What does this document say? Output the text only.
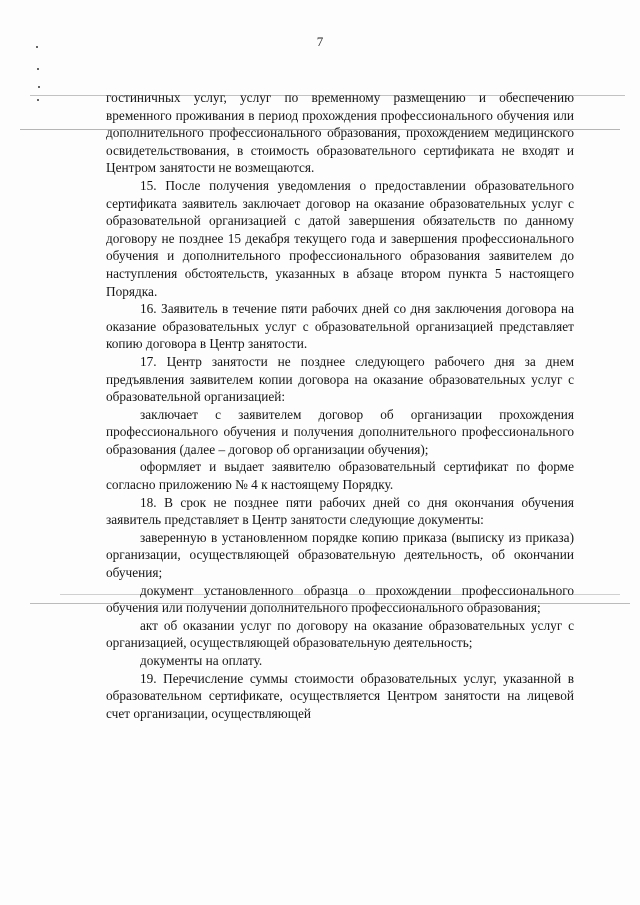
7

гостиничных услуг, услуг по временному размещению и обеспечению временного проживания в период прохождения профессионального обучения или дополнительного профессионального образования, прохождением медицинского освидетельствования, в стоимость образовательного сертификата не входят и Центром занятости не возмещаются.

15. После получения уведомления о предоставлении образовательного сертификата заявитель заключает договор на оказание образовательных услуг с образовательной организацией с датой завершения обязательств по данному договору не позднее 15 декабря текущего года и завершения профессионального обучения и дополнительного профессионального образования заявителем до наступления обстоятельств, указанных в абзаце втором пункта 5 настоящего Порядка.

16. Заявитель в течение пяти рабочих дней со дня заключения договора на оказание образовательных услуг с образовательной организацией представляет копию договора в Центр занятости.

17. Центр занятости не позднее следующего рабочего дня за днем предъявления заявителем копии договора на оказание образовательных услуг с образовательной организацией:

заключает с заявителем договор об организации прохождения профессионального обучения и получения дополнительного профессионального образования (далее – договор об организации обучения);

оформляет и выдает заявителю образовательный сертификат по форме согласно приложению № 4 к настоящему Порядку.

18. В срок не позднее пяти рабочих дней со дня окончания обучения заявитель представляет в Центр занятости следующие документы:

заверенную в установленном порядке копию приказа (выписку из приказа) организации, осуществляющей образовательную деятельность, об окончании обучения;

документ установленного образца о прохождении профессионального обучения или получении дополнительного профессионального образования;

акт об оказании услуг по договору на оказание образовательных услуг с организацией, осуществляющей образовательную деятельность;

документы на оплату.

19. Перечисление суммы стоимости образовательных услуг, указанной в образовательном сертификате, осуществляется Центром занятости на лицевой счет организации, осуществляющей
